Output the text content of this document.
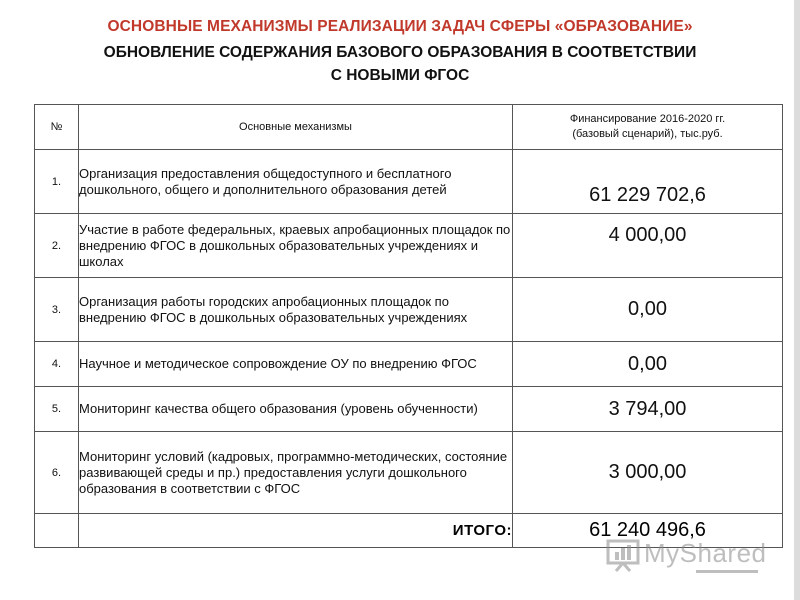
ОСНОВНЫЕ МЕХАНИЗМЫ РЕАЛИЗАЦИИ ЗАДАЧ СФЕРЫ «ОБРАЗОВАНИЕ»
ОБНОВЛЕНИЕ СОДЕРЖАНИЯ БАЗОВОГО ОБРАЗОВАНИЯ В СООТВЕТСТВИИ
С НОВЫМИ ФГОС
№	Основные механизмы	Финансирование 2016-2020 гг.
(базовый сценарий), тыс.руб.

1.	Организация предоставления общедоступного и бесплатного дошкольного, общего и дополнительного образования детей	61 229 702,6
2.	Участие в работе федеральных, краевых апробационных площадок по внедрению ФГОС в дошкольных образовательных учреждениях и школах	4 000,00
3.	Организация работы городских апробационных площадок по внедрению ФГОС в дошкольных образовательных учреждениях	0,00
4.	Научное и методическое сопровождение ОУ по внедрению ФГОС	0,00
5.	Мониторинг качества общего образования (уровень обученности)	3 794,00
6.	Мониторинг условий (кадровых, программно-методических, состояние развивающей среды и пр.) предоставления услуги дошкольного образования в соответствии с ФГОС	3 000,00
	ИТОГО:	61 240 496,6
MyShared
